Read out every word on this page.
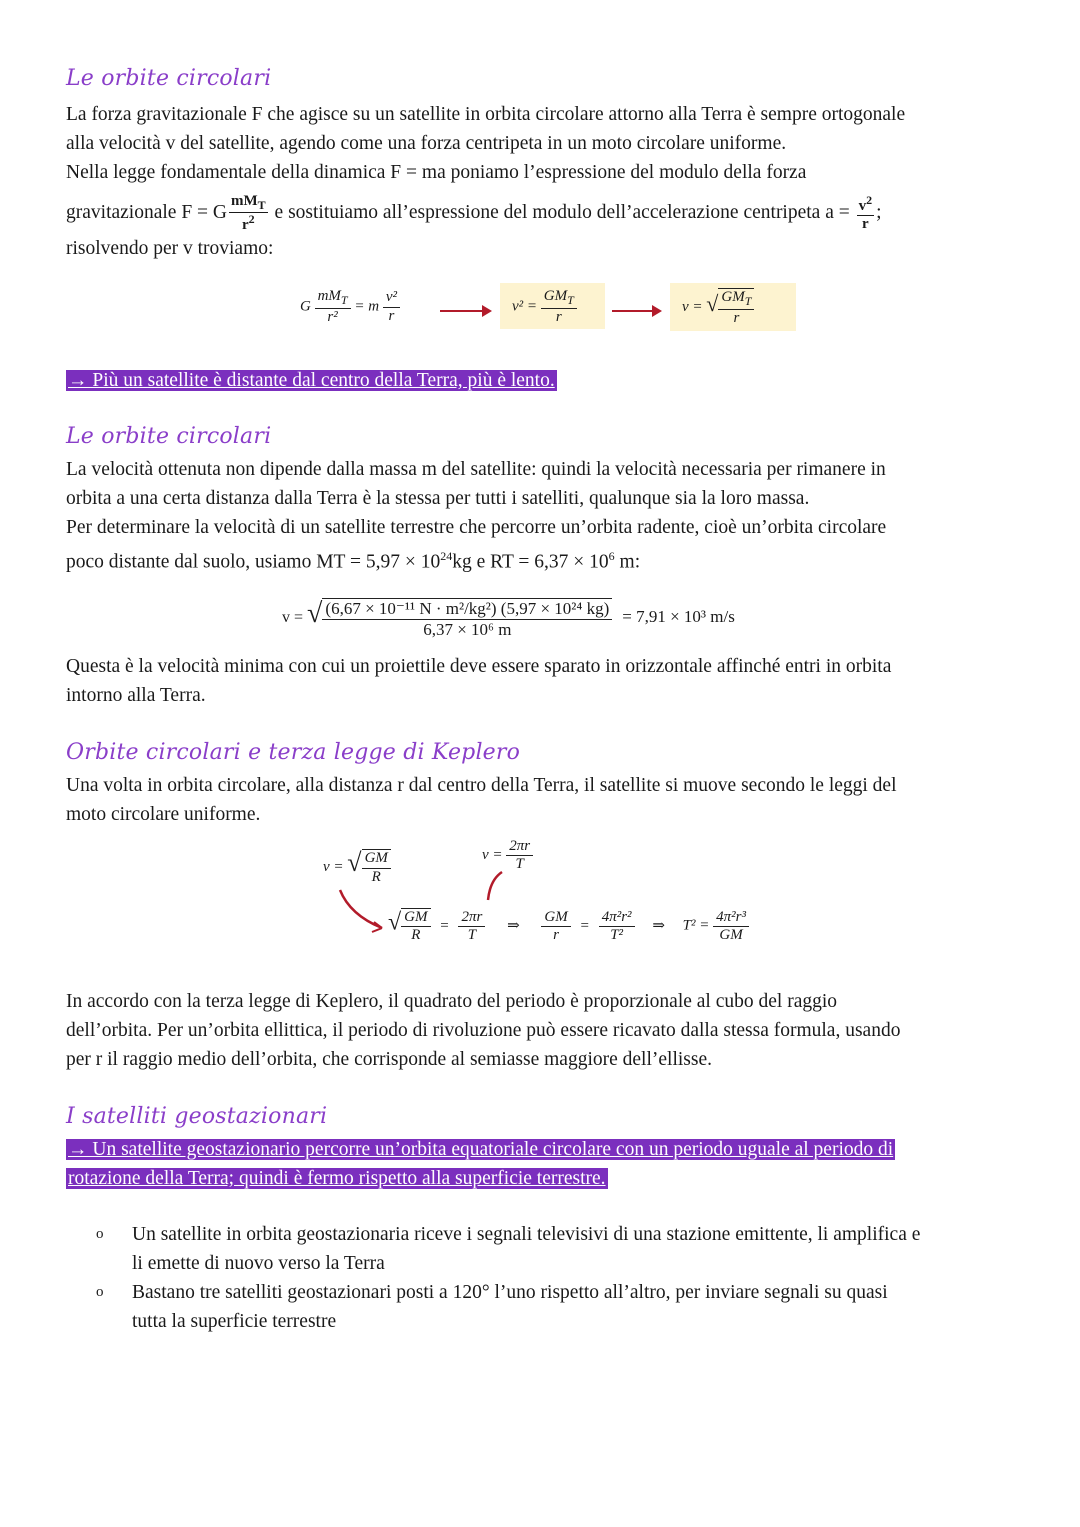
Le orbite circolari
La forza gravitazionale F che agisce su un satellite in orbita circolare attorno alla Terra è sempre ortogonale
alla velocità v del satellite, agendo come una forza centripeta in un moto circolare uniforme.
Nella legge fondamentale della dinamica F = ma poniamo l’espressione del modulo della forza
gravitazionale F = G $\frac{mM_T}{r^2}$ e sostituiamo all’espressione del modulo dell’accelerazione centripeta $a = \frac{v^2}{r}$ ;
risolvendo per v troviamo:
G
$mM_T$
r²
= m $\frac{\text{v²}}{r}$	v² =
$GM_T$
r
v = √ $GM_T$
r
→ Più un satellite è distante dal centro della Terra, più è lento.
Le orbite circolari
La velocità ottenuta non dipende dalla massa m del satellite: quindi la velocità necessaria per rimanere in
orbita a una certa distanza dalla Terra è la stessa per tutti i satelliti, qualunque sia la loro massa.
Per determinare la velocità di un satellite terrestre che percorre un’orbita radente, cioè un’orbita circolare
poco distante dal suolo, usiamo MT = $5,97 \times 10^{24}kg$ e RT = $6,37 \times 10^6$ m:
v = √ $\frac{\text{(6,67 × 10⁻¹¹ N · m²/kg²) (5,97 × 10²⁴ kg)}}{\text{6,37 × 10⁶ m}} = 7,91 \times 10^3$ m/s
Questa è la velocità minima con cui un proiettile deve essere sparato in orizzontale affinché entri in orbita
intorno alla Terra.
Orbite circolari e terza legge di Keplero
Una volta in orbita circolare, alla distanza r dal centro della Terra, il satellite si muove secondo le leggi del
moto circolare uniforme.
v = √ $\frac{GM}{R}$	$v = \frac{2\pi r}{T}$
√ $\frac{GM}{R} = \frac{2\pi r}{T}$ ⇒ $\frac{GM}{r} = \frac{\text{4π²r²}}{\text{T²}}$ ⇒ $T^2 = \frac{\text{4π²r³}}{GM}$
In accordo con la terza legge di Keplero, il quadrato del periodo è proporzionale al cubo del raggio
dell’orbita. Per un’orbita ellittica, il periodo di rivoluzione può essere ricavato dalla stessa formula, usando
per r il raggio medio dell’orbita, che corrisponde al semiasse maggiore dell’ellisse.
I satelliti geostazionari
→ Un satellite geostazionario percorre un’orbita equatoriale circolare con un periodo uguale al periodo di
rotazione della Terra; quindi è fermo rispetto alla superficie terrestre.
o Un satellite in orbita geostazionaria riceve i segnali televisivi di una stazione emittente, li amplifica e
li emette di nuovo verso la Terra
o Bastano tre satelliti geostazionari posti a 120° l’uno rispetto all’altro, per inviare segnali su quasi
tutta la superficie terrestre
